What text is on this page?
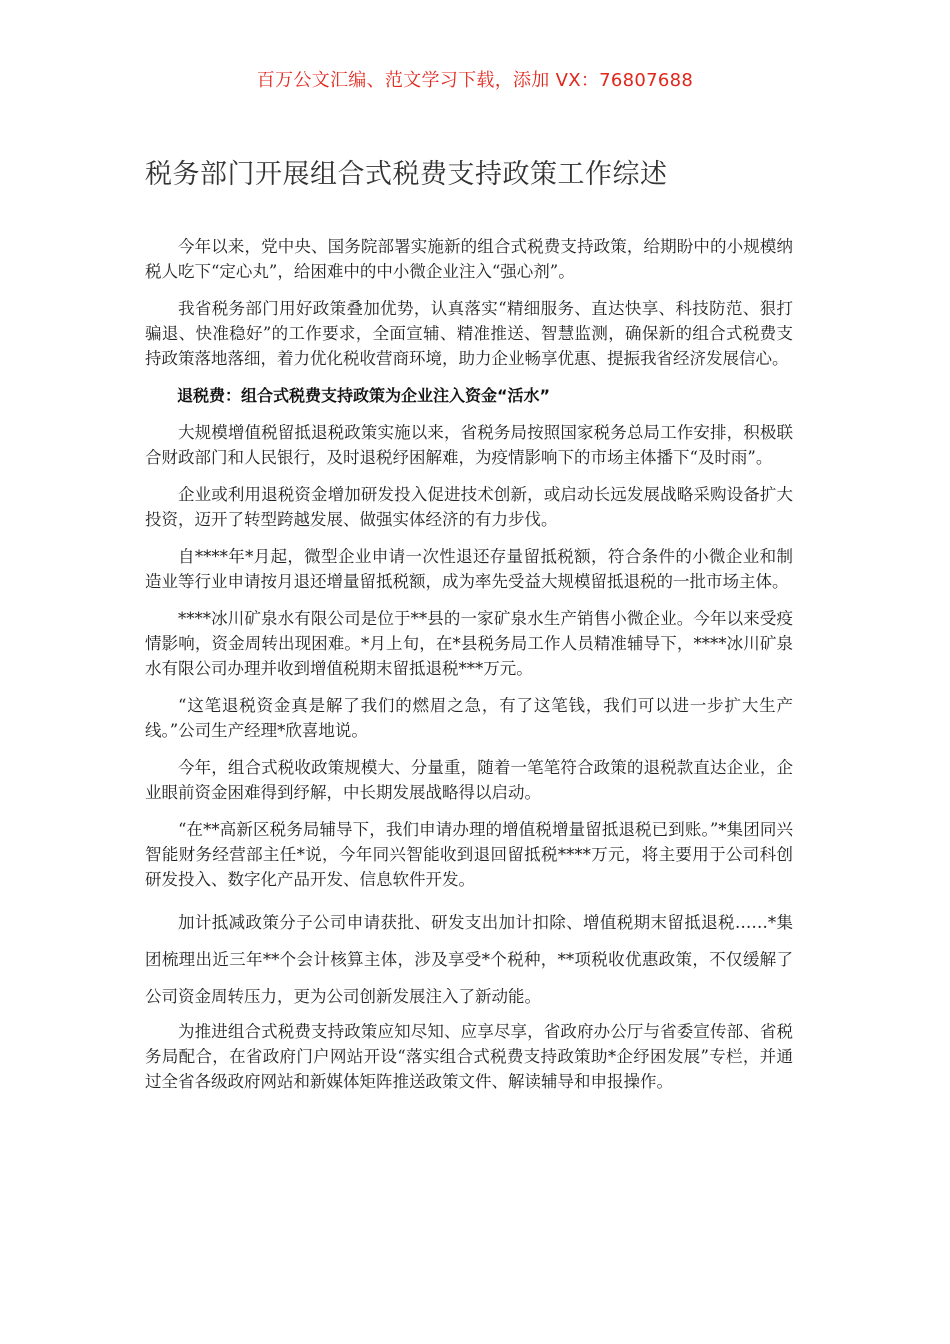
百万公文汇编、范文学习下载，添加 VX：76807688
税务部门开展组合式税费支持政策工作综述

今年以来，党中央、国务院部署实施新的组合式税费支持政策，给期盼中的小规模纳税人吃下“定心丸”，给困难中的中小微企业注入“强心剂”。

我省税务部门用好政策叠加优势，认真落实“精细服务、直达快享、科技防范、狠打骗退、快准稳好”的工作要求，全面宣辅、精准推送、智慧监测，确保新的组合式税费支持政策落地落细，着力优化税收营商环境，助力企业畅享优惠、提振我省经济发展信心。

退税费：组合式税费支持政策为企业注入资金“活水”

大规模增值税留抵退税政策实施以来，省税务局按照国家税务总局工作安排，积极联合财政部门和人民银行，及时退税纾困解难，为疫情影响下的市场主体播下“及时雨”。

企业或利用退税资金增加研发投入促进技术创新，或启动长远发展战略采购设备扩大投资，迈开了转型跨越发展、做强实体经济的有力步伐。

自****年*月起，微型企业申请一次性退还存量留抵税额，符合条件的小微企业和制造业等行业申请按月退还增量留抵税额，成为率先受益大规模留抵退税的一批市场主体。

****冰川矿泉水有限公司是位于**县的一家矿泉水生产销售小微企业。今年以来受疫情影响，资金周转出现困难。*月上旬，在*县税务局工作人员精准辅导下，****冰川矿泉水有限公司办理并收到增值税期末留抵退税***万元。

“这笔退税资金真是解了我们的燃眉之急，有了这笔钱，我们可以进一步扩大生产线。”公司生产经理*欣喜地说。

今年，组合式税收政策规模大、分量重，随着一笔笔符合政策的退税款直达企业，企业眼前资金困难得到纾解，中长期发展战略得以启动。

“在**高新区税务局辅导下，我们申请办理的增值税增量留抵退税已到账。”*集团同兴智能财务经营部主任*说，今年同兴智能收到退回留抵税****万元，将主要用于公司科创研发投入、数字化产品开发、信息软件开发。

加计抵减政策分子公司申请获批、研发支出加计扣除、增值税期末留抵退税……*集团梳理出近三年**个会计核算主体，涉及享受*个税种，**项税收优惠政策，不仅缓解了公司资金周转压力，更为公司创新发展注入了新动能。

为推进组合式税费支持政策应知尽知、应享尽享，省政府办公厅与省委宣传部、省税务局配合，在省政府门户网站开设“落实组合式税费支持政策助*企纾困发展”专栏，并通过全省各级政府网站和新媒体矩阵推送政策文件、解读辅导和申报操作。
